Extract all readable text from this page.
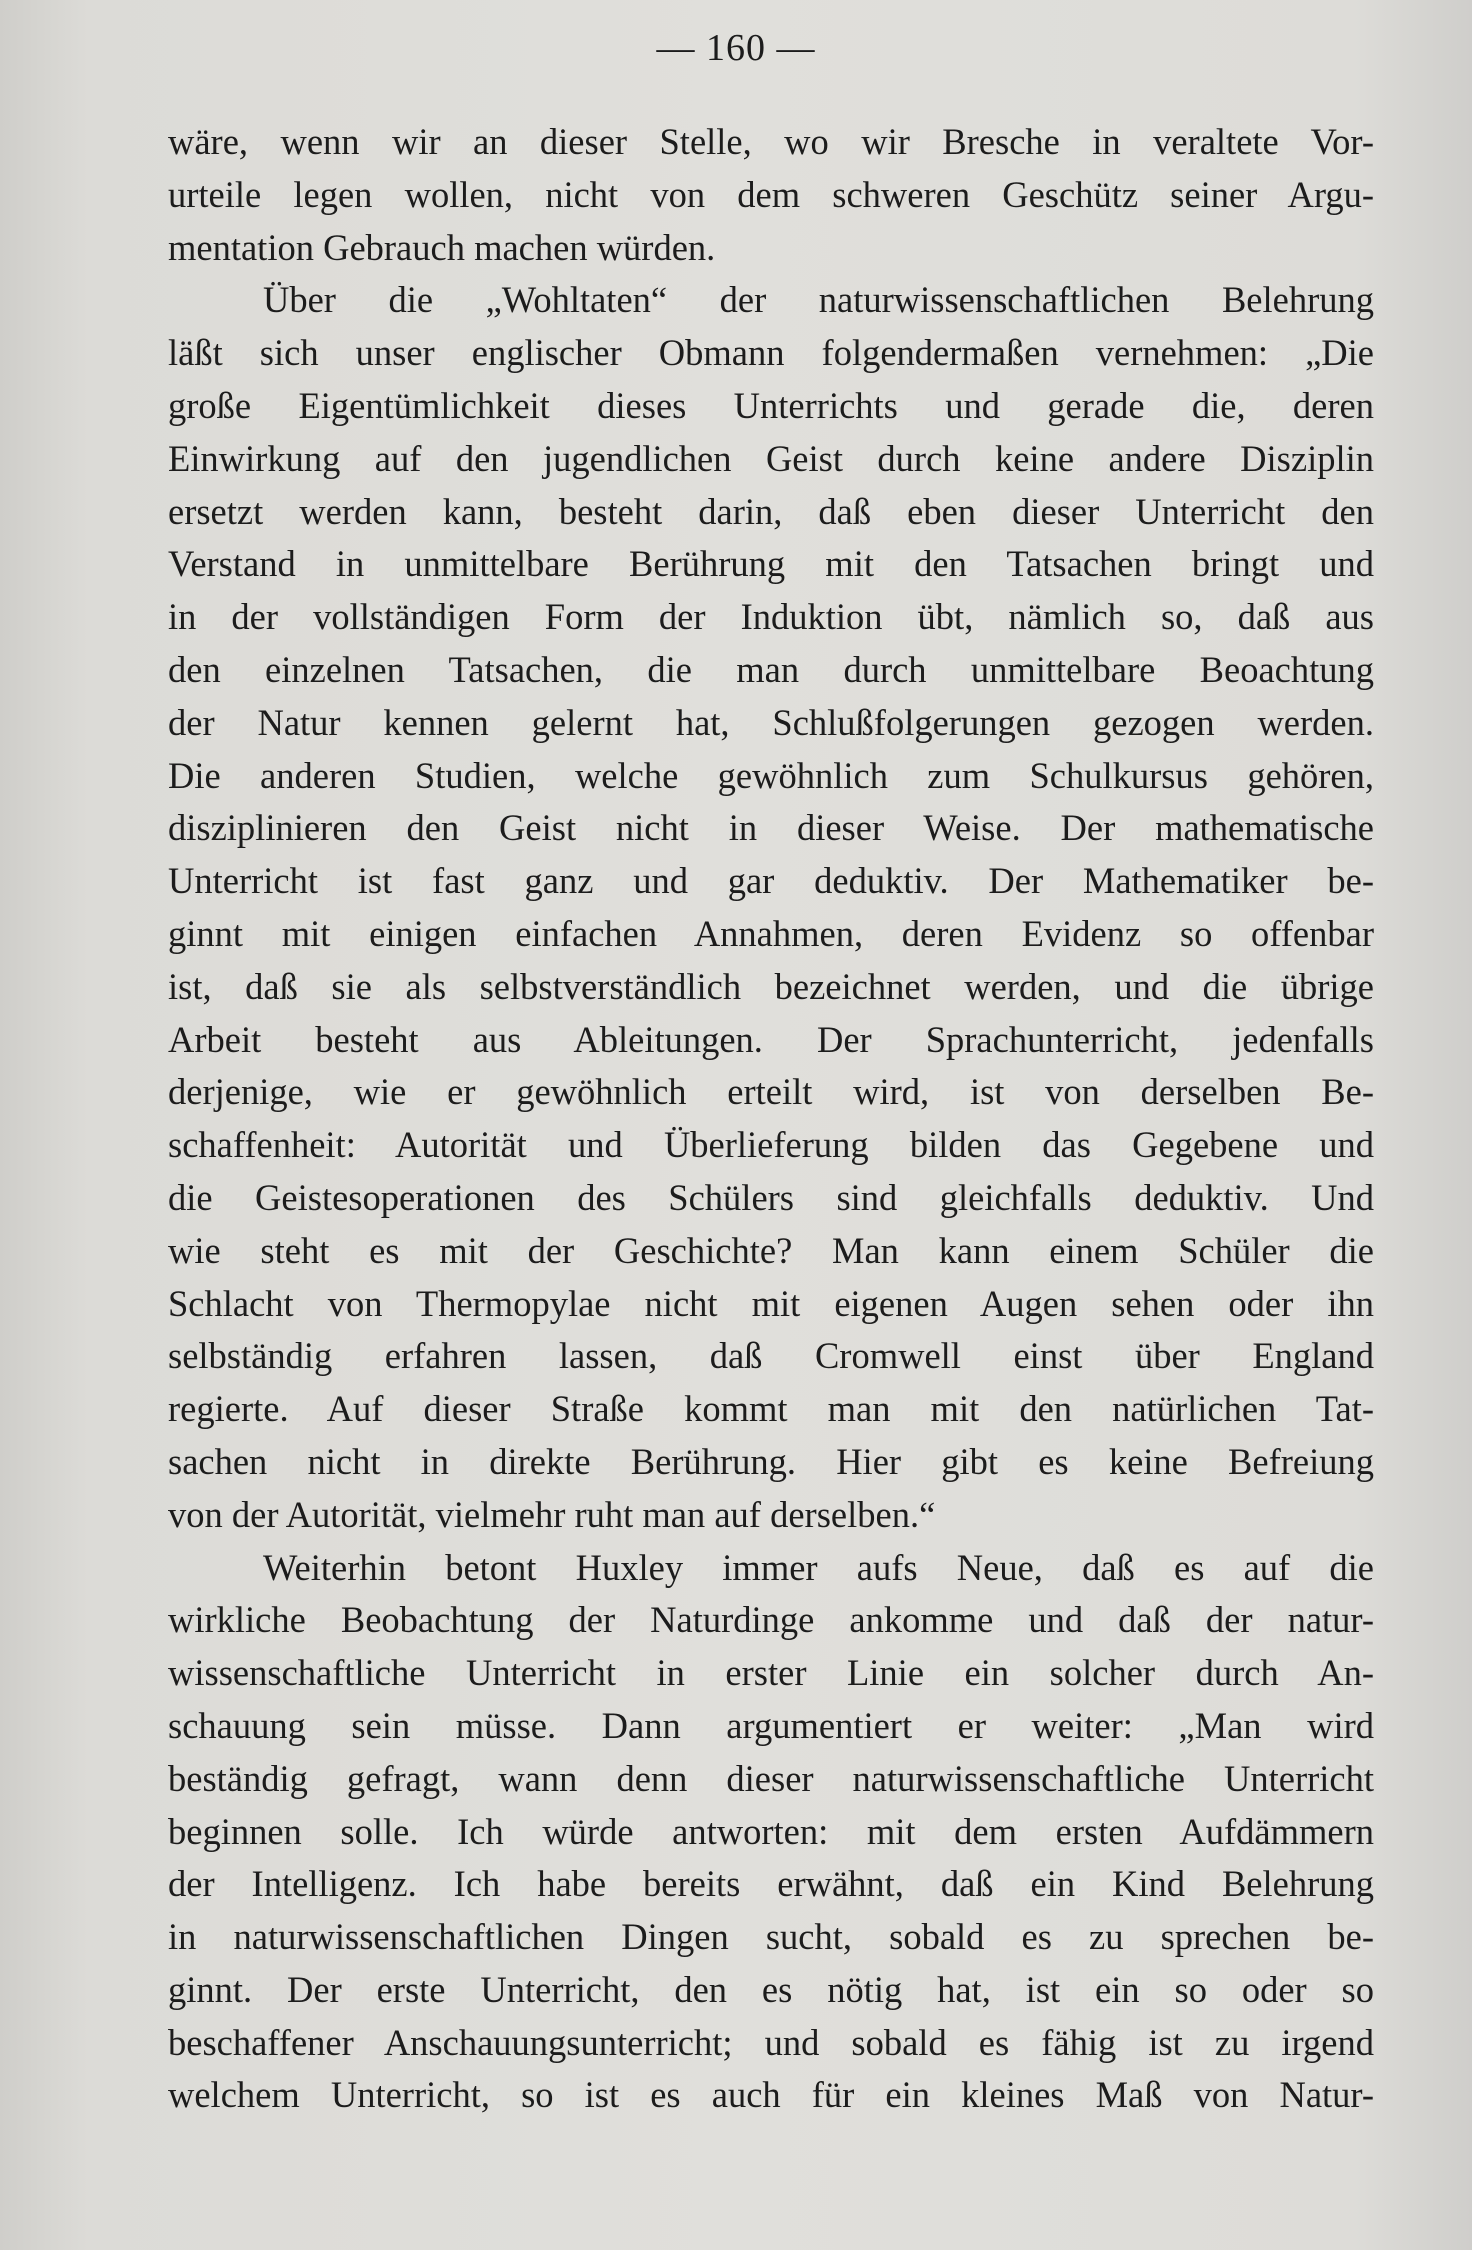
— 160 —
wäre, wenn wir an dieser Stelle, wo wir Bresche in veraltete Vor-
urteile legen wollen, nicht von dem schweren Geschütz seiner Argu-
mentation Gebrauch machen würden.
Über die „Wohltaten“ der naturwissenschaftlichen Belehrung
läßt sich unser englischer Obmann folgendermaßen vernehmen: „Die
große Eigentümlichkeit dieses Unterrichts und gerade die, deren
Einwirkung auf den jugendlichen Geist durch keine andere Disziplin
ersetzt werden kann, besteht darin, daß eben dieser Unterricht den
Verstand in unmittelbare Berührung mit den Tatsachen bringt und
in der vollständigen Form der Induktion übt, nämlich so, daß aus
den einzelnen Tatsachen, die man durch unmittelbare Beoachtung
der Natur kennen gelernt hat, Schlußfolgerungen gezogen werden.
Die anderen Studien, welche gewöhnlich zum Schulkursus gehören,
disziplinieren den Geist nicht in dieser Weise. Der mathematische
Unterricht ist fast ganz und gar deduktiv. Der Mathematiker be-
ginnt mit einigen einfachen Annahmen, deren Evidenz so offenbar
ist, daß sie als selbstverständlich bezeichnet werden, und die übrige
Arbeit besteht aus Ableitungen. Der Sprachunterricht, jedenfalls
derjenige, wie er gewöhnlich erteilt wird, ist von derselben Be-
schaffenheit: Autorität und Überlieferung bilden das Gegebene und
die Geistesoperationen des Schülers sind gleichfalls deduktiv. Und
wie steht es mit der Geschichte? Man kann einem Schüler die
Schlacht von Thermopylae nicht mit eigenen Augen sehen oder ihn
selbständig erfahren lassen, daß Cromwell einst über England
regierte. Auf dieser Straße kommt man mit den natürlichen Tat-
sachen nicht in direkte Berührung. Hier gibt es keine Befreiung
von der Autorität, vielmehr ruht man auf derselben.“
Weiterhin betont Huxley immer aufs Neue, daß es auf die
wirkliche Beobachtung der Naturdinge ankomme und daß der natur-
wissenschaftliche Unterricht in erster Linie ein solcher durch An-
schauung sein müsse. Dann argumentiert er weiter: „Man wird
beständig gefragt, wann denn dieser naturwissenschaftliche Unterricht
beginnen solle. Ich würde antworten: mit dem ersten Aufdämmern
der Intelligenz. Ich habe bereits erwähnt, daß ein Kind Belehrung
in naturwissenschaftlichen Dingen sucht, sobald es zu sprechen be-
ginnt. Der erste Unterricht, den es nötig hat, ist ein so oder so
beschaffener Anschauungsunterricht; und sobald es fähig ist zu irgend
welchem Unterricht, so ist es auch für ein kleines Maß von Natur-
